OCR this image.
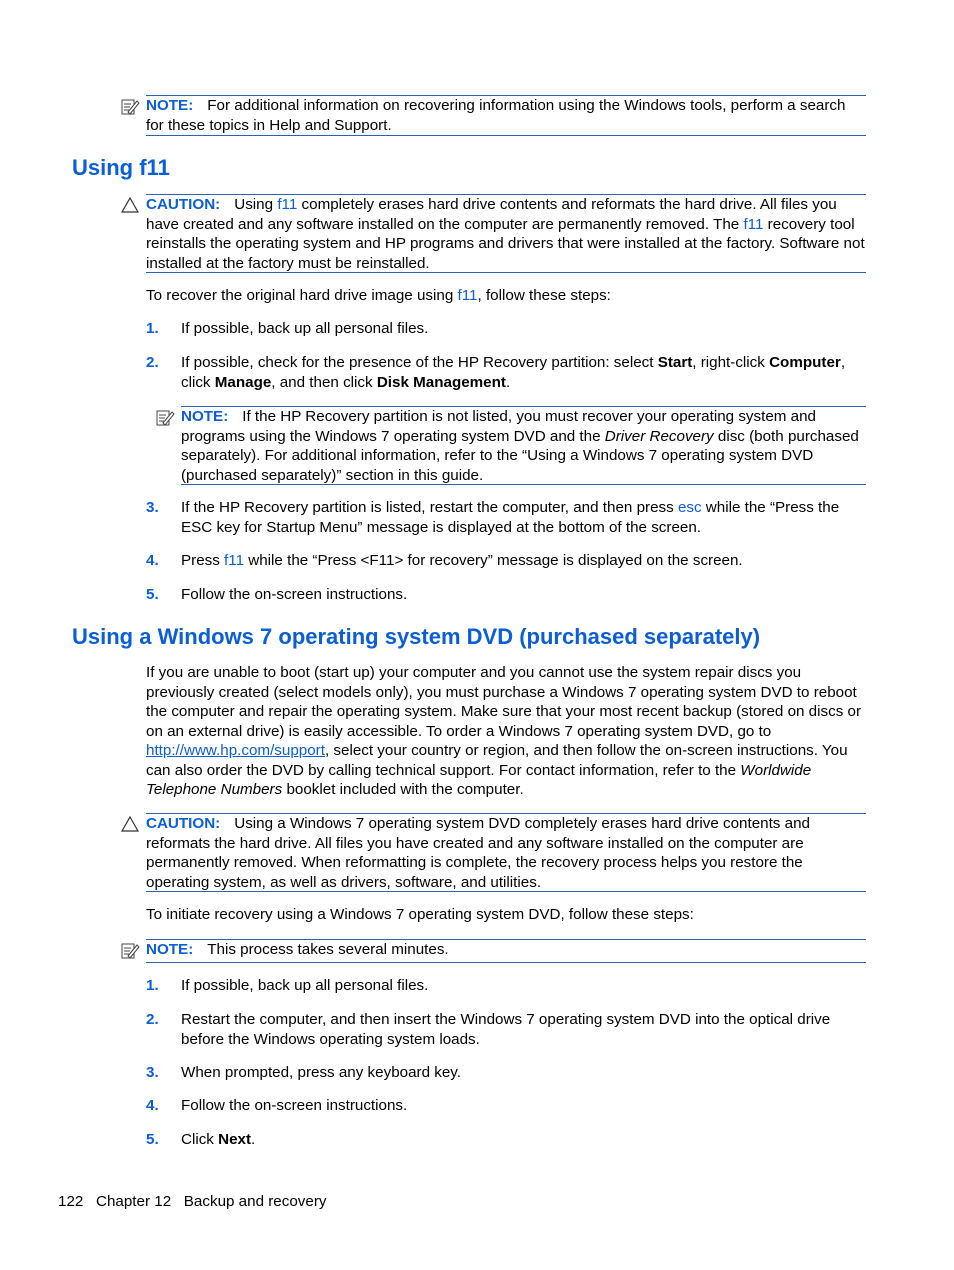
NOTE: For additional information on recovering information using the Windows tools, perform a search for these topics in Help and Support.
Using f11
CAUTION: Using f11 completely erases hard drive contents and reformats the hard drive. All files you have created and any software installed on the computer are permanently removed. The f11 recovery tool reinstalls the operating system and HP programs and drivers that were installed at the factory. Software not installed at the factory must be reinstalled.
To recover the original hard drive image using f11, follow these steps:
1. If possible, back up all personal files.
2. If possible, check for the presence of the HP Recovery partition: select Start, right-click Computer, click Manage, and then click Disk Management.
NOTE: If the HP Recovery partition is not listed, you must recover your operating system and programs using the Windows 7 operating system DVD and the Driver Recovery disc (both purchased separately). For additional information, refer to the “Using a Windows 7 operating system DVD (purchased separately)” section in this guide.
3. If the HP Recovery partition is listed, restart the computer, and then press esc while the “Press the ESC key for Startup Menu” message is displayed at the bottom of the screen.
4. Press f11 while the “Press <F11> for recovery” message is displayed on the screen.
5. Follow the on-screen instructions.
Using a Windows 7 operating system DVD (purchased separately)
If you are unable to boot (start up) your computer and you cannot use the system repair discs you previously created (select models only), you must purchase a Windows 7 operating system DVD to reboot the computer and repair the operating system. Make sure that your most recent backup (stored on discs or on an external drive) is easily accessible. To order a Windows 7 operating system DVD, go to http://www.hp.com/support, select your country or region, and then follow the on-screen instructions. You can also order the DVD by calling technical support. For contact information, refer to the Worldwide Telephone Numbers booklet included with the computer.
CAUTION: Using a Windows 7 operating system DVD completely erases hard drive contents and reformats the hard drive. All files you have created and any software installed on the computer are permanently removed. When reformatting is complete, the recovery process helps you restore the operating system, as well as drivers, software, and utilities.
To initiate recovery using a Windows 7 operating system DVD, follow these steps:
NOTE: This process takes several minutes.
1. If possible, back up all personal files.
2. Restart the computer, and then insert the Windows 7 operating system DVD into the optical drive before the Windows operating system loads.
3. When prompted, press any keyboard key.
4. Follow the on-screen instructions.
5. Click Next.
122   Chapter 12   Backup and recovery
